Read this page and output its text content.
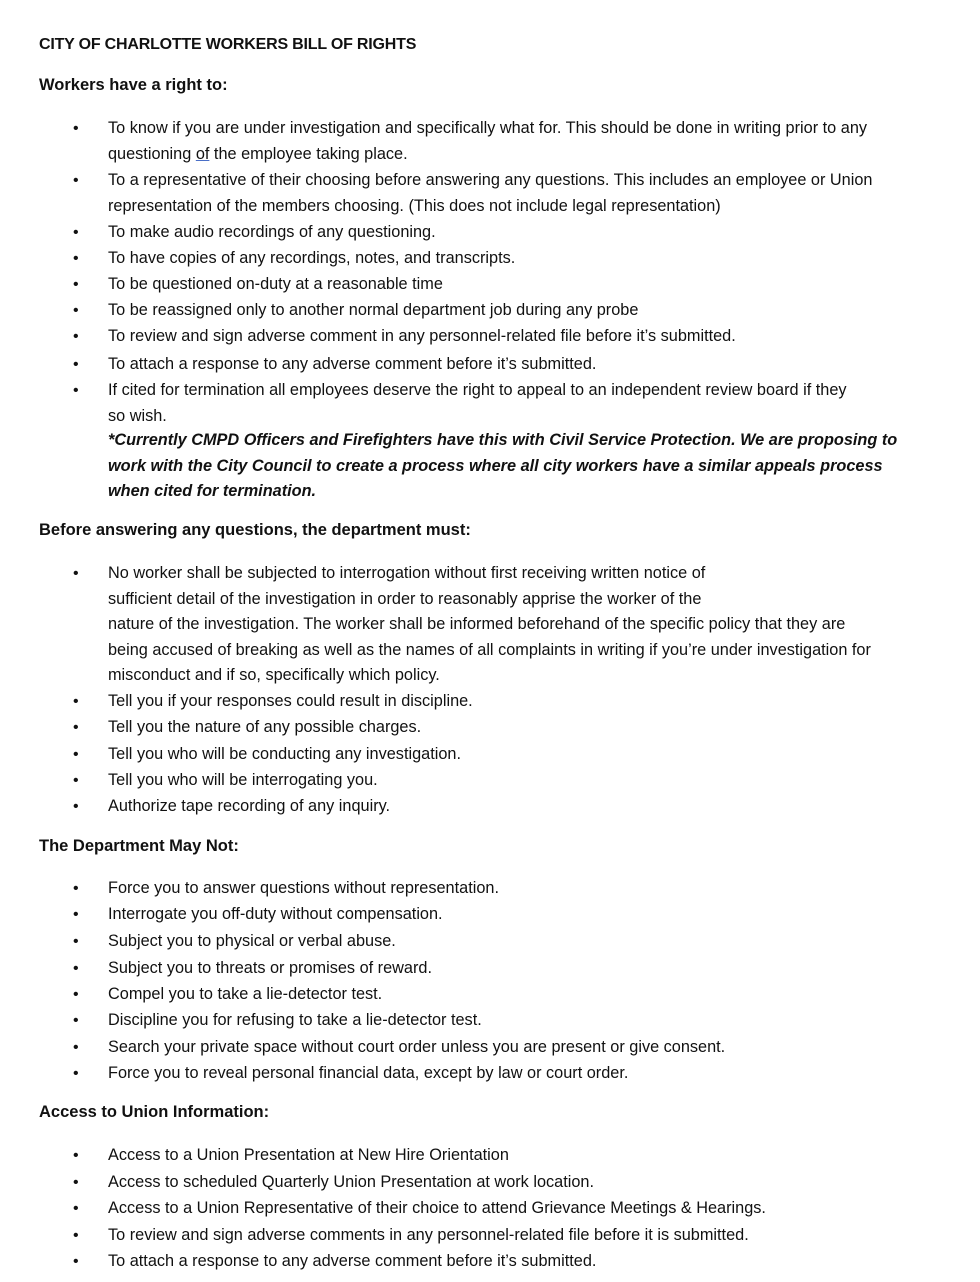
CITY OF CHARLOTTE WORKERS BILL OF RIGHTS
Workers have a right to:
• To know if you are under investigation and specifically what for. This should be done in writing prior to any
questioning of the employee taking place.
• To a representative of their choosing before answering any questions. This includes an employee or Union
representation of the members choosing. (This does not include legal representation)
• To make audio recordings of any questioning.
• To have copies of any recordings, notes, and transcripts.
• To be questioned on-duty at a reasonable time
• To be reassigned only to another normal department job during any probe
• To review and sign adverse comment in any personnel-related file before it’s submitted.
• To attach a response to any adverse comment before it’s submitted.
• If cited for termination all employees deserve the right to appeal to an independent review board if they
so wish.
*Currently CMPD Officers and Firefighters have this with Civil Service Protection. We are proposing to
work with the City Council to create a process where all city workers have a similar appeals process
when cited for termination.
Before answering any questions, the department must:
• No worker shall be subjected to interrogation without first receiving written notice of
sufficient detail of the investigation in order to reasonably apprise the worker of the
nature of the investigation. The worker shall be informed beforehand of the specific policy that they are
being accused of breaking as well as the names of all complaints in writing if you’re under investigation for
misconduct and if so, specifically which policy.
• Tell you if your responses could result in discipline.
• Tell you the nature of any possible charges.
• Tell you who will be conducting any investigation.
• Tell you who will be interrogating you.
• Authorize tape recording of any inquiry.
The Department May Not:
• Force you to answer questions without representation.
• Interrogate you off-duty without compensation.
• Subject you to physical or verbal abuse.
• Subject you to threats or promises of reward.
• Compel you to take a lie-detector test.
• Discipline you for refusing to take a lie-detector test.
• Search your private space without court order unless you are present or give consent.
• Force you to reveal personal financial data, except by law or court order.
Access to Union Information:
• Access to a Union Presentation at New Hire Orientation
• Access to scheduled Quarterly Union Presentation at work location.
• Access to a Union Representative of their choice to attend Grievance Meetings & Hearings.
• To review and sign adverse comments in any personnel-related file before it is submitted.
• To attach a response to any adverse comment before it’s submitted.
